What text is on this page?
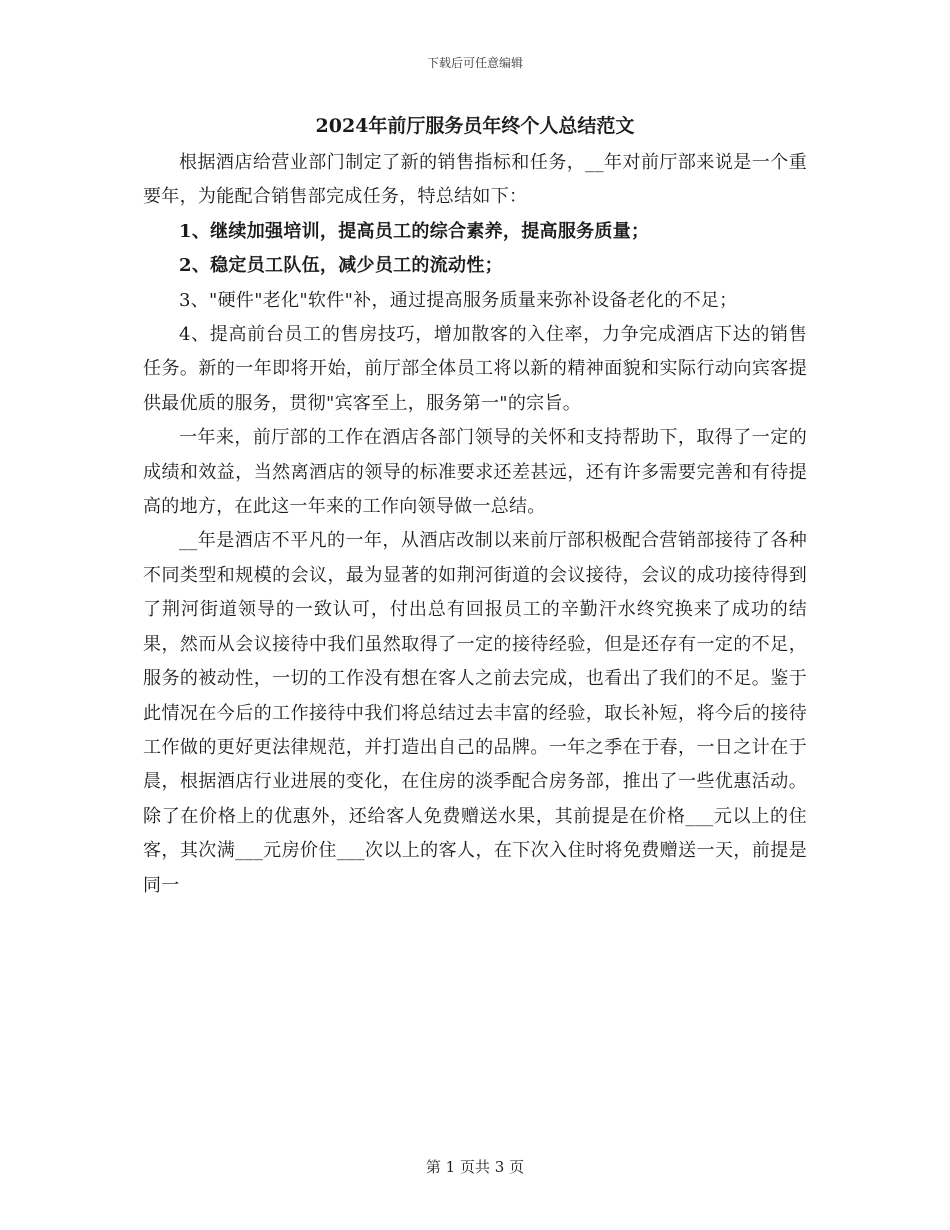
下载后可任意编辑
2024年前厅服务员年终个人总结范文

根据酒店给营业部门制定了新的销售指标和任务，__年对前厅部来说是一个重要年，为能配合销售部完成任务，特总结如下：

1、继续加强培训，提高员工的综合素养，提高服务质量；

2、稳定员工队伍，减少员工的流动性；

3、"硬件"老化"软件"补，通过提高服务质量来弥补设备老化的不足；

4、提高前台员工的售房技巧，增加散客的入住率，力争完成酒店下达的销售任务。新的一年即将开始，前厅部全体员工将以新的精神面貌和实际行动向宾客提供最优质的服务，贯彻"宾客至上，服务第一"的宗旨。

一年来，前厅部的工作在酒店各部门领导的关怀和支持帮助下，取得了一定的成绩和效益，当然离酒店的领导的标准要求还差甚远，还有许多需要完善和有待提高的地方，在此这一年来的工作向领导做一总结。

__年是酒店不平凡的一年，从酒店改制以来前厅部积极配合营销部接待了各种不同类型和规模的会议，最为显著的如荆河街道的会议接待，会议的成功接待得到了荆河街道领导的一致认可，付出总有回报员工的辛勤汗水终究换来了成功的结果，然而从会议接待中我们虽然取得了一定的接待经验，但是还存有一定的不足，服务的被动性，一切的工作没有想在客人之前去完成，也看出了我们的不足。鉴于此情况在今后的工作接待中我们将总结过去丰富的经验，取长补短，将今后的接待工作做的更好更法律规范，并打造出自己的品牌。一年之季在于春，一日之计在于晨，根据酒店行业进展的变化，在住房的淡季配合房务部，推出了一些优惠活动。除了在价格上的优惠外，还给客人免费赠送水果，其前提是在价格___元以上的住客，其次满___元房价住___次以上的客人，在下次入住时将免费赠送一天，前提是同一

第 1 页共 3 页
